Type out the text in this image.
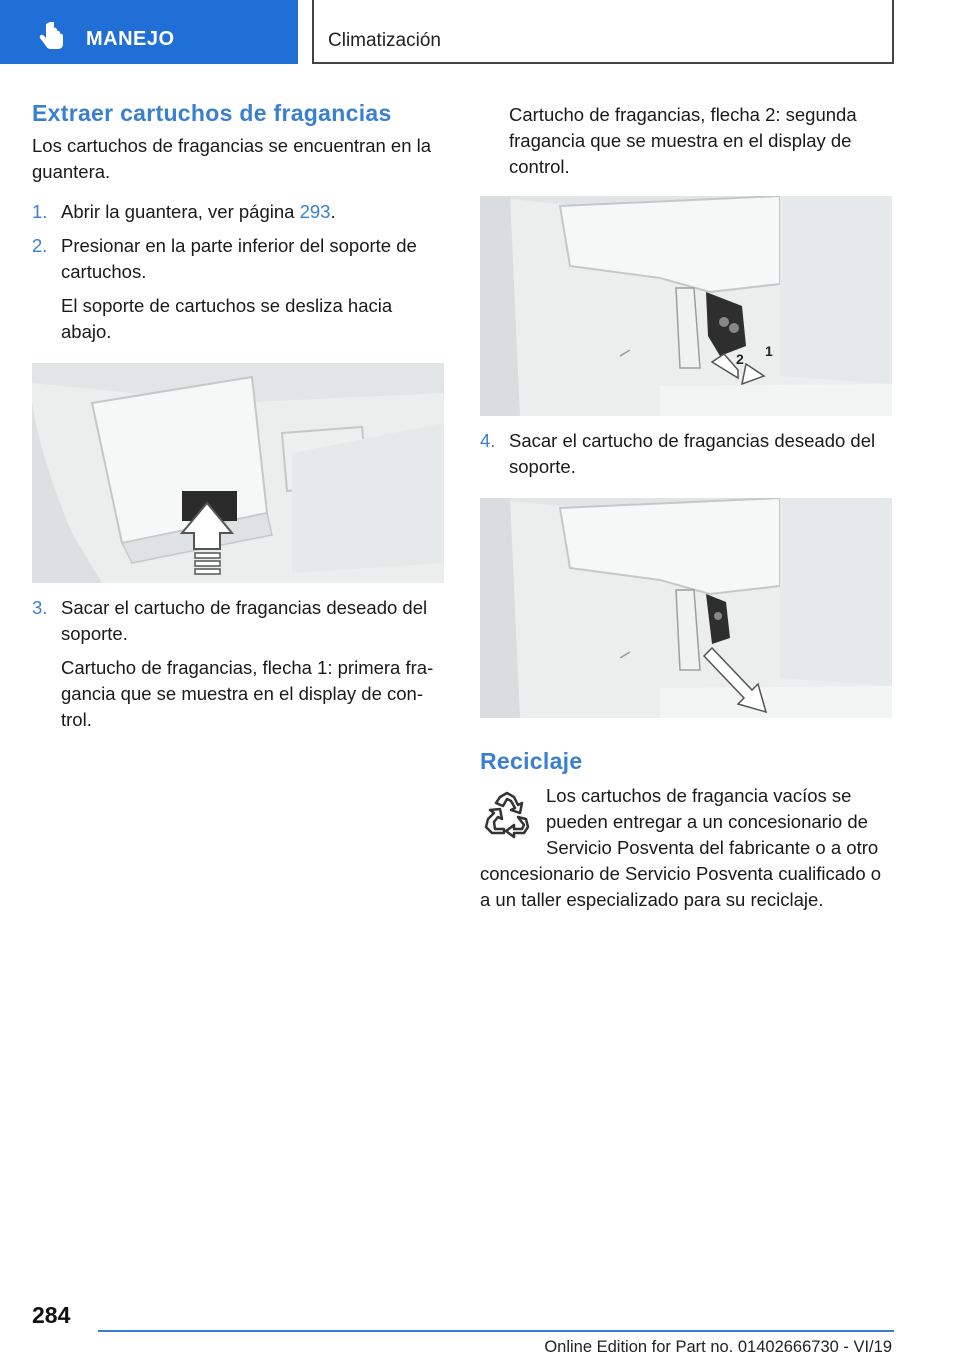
MANEJO	Climatización
Extraer cartuchos de fragancias

Los cartuchos de fragancias se encuentran en la guantera.

1. Abrir la guantera, ver página 293.
2. Presionar en la parte inferior del soporte de cartuchos.

El soporte de cartuchos se desliza hacia abajo.

3. Sacar el cartucho de fragancias deseado del soporte.

Cartucho de fragancias, flecha 1: primera fragancia que se muestra en el display de control.

Cartucho de fragancias, flecha 2: segunda fragancia que se muestra en el display de control.

2 1
4. Sacar el cartucho de fragancias deseado del soporte.
Reciclaje

Los cartuchos de fragancia vacíos se pueden entregar a un concesionario de Servicio Posventa del fabricante o a otro concesionario de Servicio Posventa cualificado o a un taller especializado para su reciclaje.

284
Online Edition for Part no. 01402666730 - VI/19
